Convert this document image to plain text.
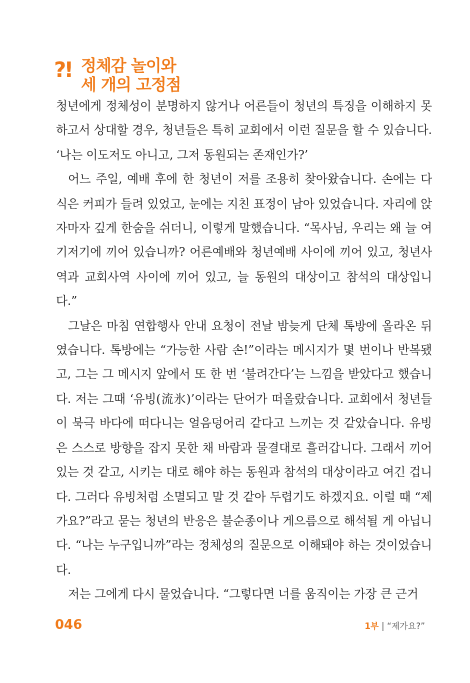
?! 정체감 놀이와
세 개의 고정점

청년에게 정체성이 분명하지 않거나 어른들이 청년의 특징을 이해하지 못하고서 상대할 경우, 청년들은 특히 교회에서 이런 질문을 할 수 있습니다. ‘나는 이도저도 아니고, 그저 동원되는 존재인가?’

어느 주일, 예배 후에 한 청년이 저를 조용히 찾아왔습니다. 손에는 다 식은 커피가 들려 있었고, 눈에는 지친 표정이 남아 있었습니다. 자리에 앉자마자 깊게 한숨을 쉬더니, 이렇게 말했습니다. “목사님, 우리는 왜 늘 여기저기에 끼어 있습니까? 어른예배와 청년예배 사이에 끼어 있고, 청년사역과 교회사역 사이에 끼어 있고, 늘 동원의 대상이고 참석의 대상입니다.”

그날은 마침 연합행사 안내 요청이 전날 밤늦게 단체 톡방에 올라온 뒤였습니다. 톡방에는 “가능한 사람 손!”이라는 메시지가 몇 번이나 반복됐고, 그는 그 메시지 앞에서 또 한 번 ‘불려간다’는 느낌을 받았다고 했습니다. 저는 그때 ‘유빙(流氷)’이라는 단어가 떠올랐습니다. 교회에서 청년들이 북극 바다에 떠다니는 얼음덩어리 같다고 느끼는 것 같았습니다. 유빙은 스스로 방향을 잡지 못한 채 바람과 물결대로 흘러갑니다. 그래서 끼어 있는 것 같고, 시키는 대로 해야 하는 동원과 참석의 대상이라고 여긴 겁니다. 그러다 유빙처럼 소멸되고 말 것 같아 두렵기도 하겠지요. 이럴 때 “제가요?”라고 묻는 청년의 반응은 불순종이나 게으름으로 해석될 게 아닙니다. “나는 누구입니까”라는 정체성의 질문으로 이해돼야 하는 것이었습니다.

저는 그에게 다시 물었습니다. “그렇다면 너를 움직이는 가장 큰 근거

046	1부 | “제가요?”
